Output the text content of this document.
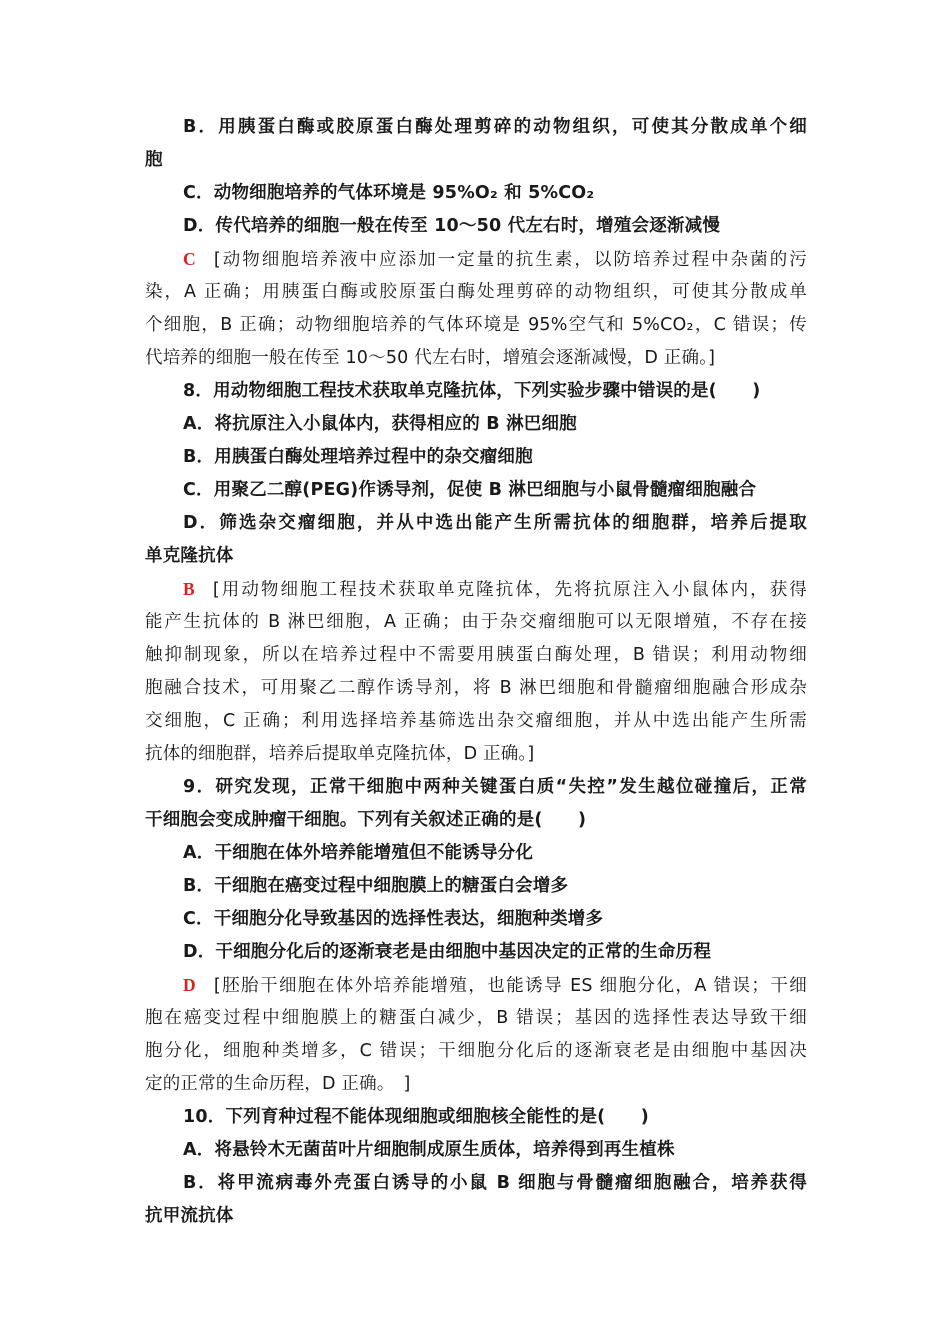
B．用胰蛋白酶或胶原蛋白酶处理剪碎的动物组织，可使其分散成单个细
胞
C．动物细胞培养的气体环境是 95%O₂ 和 5%CO₂
D．传代培养的细胞一般在传至 10～50 代左右时，增殖会逐渐减慢
C [动物细胞培养液中应添加一定量的抗生素，以防培养过程中杂菌的污
染，A 正确；用胰蛋白酶或胶原蛋白酶处理剪碎的动物组织，可使其分散成单
个细胞，B 正确；动物细胞培养的气体环境是 95%空气和 5%CO₂，C 错误；传
代培养的细胞一般在传至 10～50 代左右时，增殖会逐渐减慢，D 正确。]
8．用动物细胞工程技术获取单克隆抗体，下列实验步骤中错误的是(　　)
A．将抗原注入小鼠体内，获得相应的 B 淋巴细胞
B．用胰蛋白酶处理培养过程中的杂交瘤细胞
C．用聚乙二醇(PEG)作诱导剂，促使 B 淋巴细胞与小鼠骨髓瘤细胞融合
D．筛选杂交瘤细胞，并从中选出能产生所需抗体的细胞群，培养后提取
单克隆抗体
B [用动物细胞工程技术获取单克隆抗体，先将抗原注入小鼠体内，获得
能产生抗体的 B 淋巴细胞，A 正确；由于杂交瘤细胞可以无限增殖，不存在接
触抑制现象，所以在培养过程中不需要用胰蛋白酶处理，B 错误；利用动物细
胞融合技术，可用聚乙二醇作诱导剂，将 B 淋巴细胞和骨髓瘤细胞融合形成杂
交细胞，C 正确；利用选择培养基筛选出杂交瘤细胞，并从中选出能产生所需
抗体的细胞群，培养后提取单克隆抗体，D 正确。]
9．研究发现，正常干细胞中两种关键蛋白质“失控”发生越位碰撞后，正常
干细胞会变成肿瘤干细胞。下列有关叙述正确的是(　　)
A．干细胞在体外培养能增殖但不能诱导分化
B．干细胞在癌变过程中细胞膜上的糖蛋白会增多
C．干细胞分化导致基因的选择性表达，细胞种类增多
D．干细胞分化后的逐渐衰老是由细胞中基因决定的正常的生命历程
D [胚胎干细胞在体外培养能增殖，也能诱导 ES 细胞分化，A 错误；干细
胞在癌变过程中细胞膜上的糖蛋白减少，B 错误；基因的选择性表达导致干细
胞分化，细胞种类增多，C 错误；干细胞分化后的逐渐衰老是由细胞中基因决
定的正常的生命历程，D 正确。　]
10．下列育种过程不能体现细胞或细胞核全能性的是(　　)
A．将悬铃木无菌苗叶片细胞制成原生质体，培养得到再生植株
B．将甲流病毒外壳蛋白诱导的小鼠 B 细胞与骨髓瘤细胞融合，培养获得
抗甲流抗体
